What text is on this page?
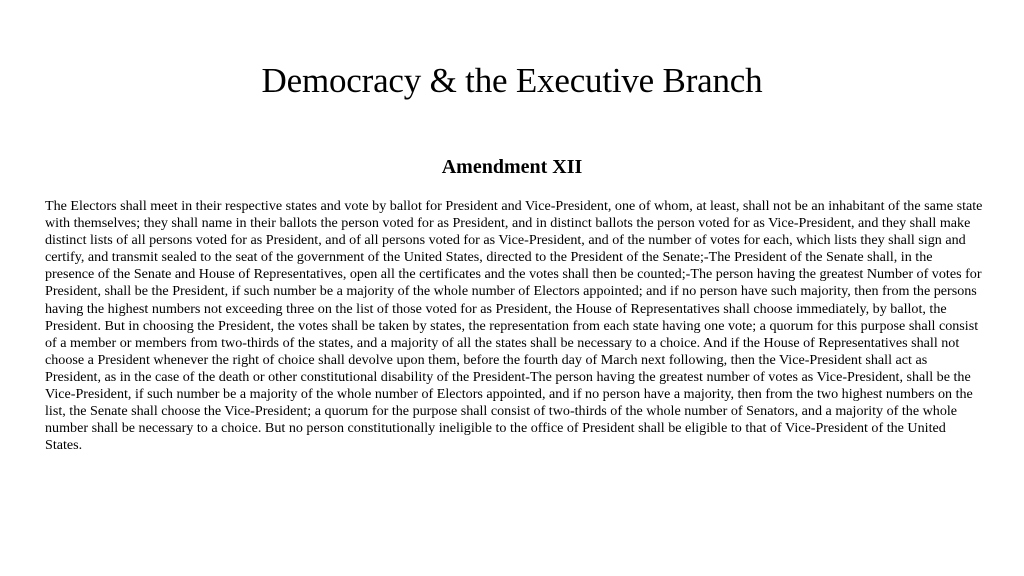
Democracy & the Executive Branch
Amendment XII

The Electors shall meet in their respective states and vote by ballot for President and Vice-President, one of whom, at least, shall not be an inhabitant of the same state with themselves; they shall name in their ballots the person voted for as President, and in distinct ballots the person voted for as Vice-President, and they shall make distinct lists of all persons voted for as President, and of all persons voted for as Vice-President, and of the number of votes for each, which lists they shall sign and certify, and transmit sealed to the seat of the government of the United States, directed to the President of the Senate;-The President of the Senate shall, in the presence of the Senate and House of Representatives, open all the certificates and the votes shall then be counted;-The person having the greatest Number of votes for President, shall be the President, if such number be a majority of the whole number of Electors appointed; and if no person have such majority, then from the persons having the highest numbers not exceeding three on the list of those voted for as President, the House of Representatives shall choose immediately, by ballot, the President. But in choosing the President, the votes shall be taken by states, the representation from each state having one vote; a quorum for this purpose shall consist of a member or members from two-thirds of the states, and a majority of all the states shall be necessary to a choice. And if the House of Representatives shall not choose a President whenever the right of choice shall devolve upon them, before the fourth day of March next following, then the Vice-President shall act as President, as in the case of the death or other constitutional disability of the President-The person having the greatest number of votes as Vice-President, shall be the Vice-President, if such number be a majority of the whole number of Electors appointed, and if no person have a majority, then from the two highest numbers on the list, the Senate shall choose the Vice-President; a quorum for the purpose shall consist of two-thirds of the whole number of Senators, and a majority of the whole number shall be necessary to a choice. But no person constitutionally ineligible to the office of President shall be eligible to that of Vice-President of the United States.
